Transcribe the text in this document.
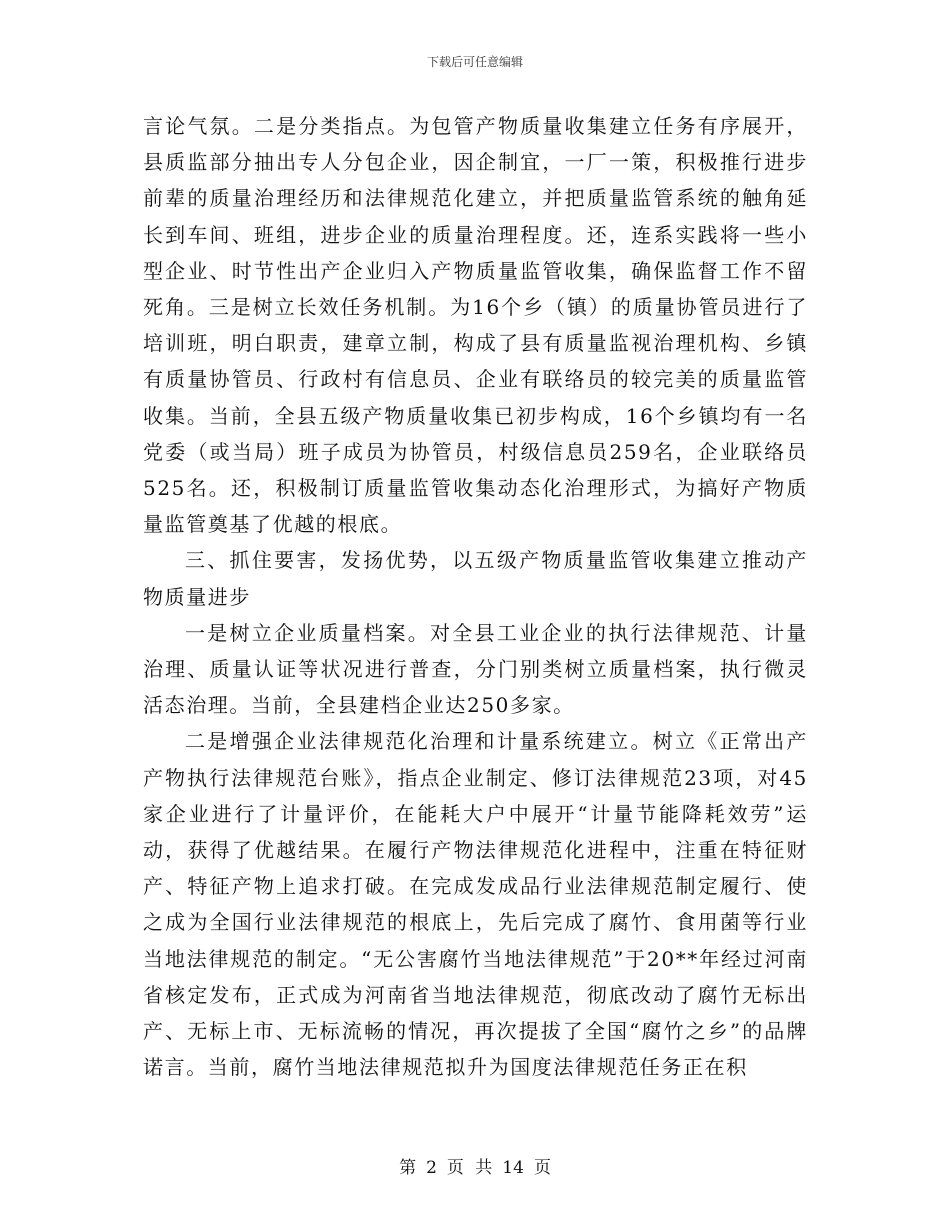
下载后可任意编辑

言论气氛。二是分类指点。为包管产物质量收集建立任务有序展开，县质监部分抽出专人分包企业，因企制宜，一厂一策，积极推行进步前辈的质量治理经历和法律规范化建立，并把质量监管系统的触角延长到车间、班组，进步企业的质量治理程度。还，连系实践将一些小型企业、时节性出产企业归入产物质量监管收集，确保监督工作不留死角。三是树立长效任务机制。为16个乡（镇）的质量协管员进行了培训班，明白职责，建章立制，构成了县有质量监视治理机构、乡镇有质量协管员、行政村有信息员、企业有联络员的较完美的质量监管收集。当前，全县五级产物质量收集已初步构成，16个乡镇均有一名党委（或当局）班子成员为协管员，村级信息员259名，企业联络员525名。还，积极制订质量监管收集动态化治理形式，为搞好产物质量监管奠基了优越的根底。

三、抓住要害，发扬优势，以五级产物质量监管收集建立推动产物质量进步

一是树立企业质量档案。对全县工业企业的执行法律规范、计量治理、质量认证等状况进行普查，分门别类树立质量档案，执行微灵活态治理。当前，全县建档企业达250多家。

二是增强企业法律规范化治理和计量系统建立。树立《正常出产产物执行法律规范台账》，指点企业制定、修订法律规范23项，对45家企业进行了计量评价，在能耗大户中展开“计量节能降耗效劳”运动，获得了优越结果。在履行产物法律规范化进程中，注重在特征财产、特征产物上追求打破。在完成发成品行业法律规范制定履行、使之成为全国行业法律规范的根底上，先后完成了腐竹、食用菌等行业当地法律规范的制定。“无公害腐竹当地法律规范”于20**年经过河南省核定发布，正式成为河南省当地法律规范，彻底改动了腐竹无标出产、无标上市、无标流畅的情况，再次提拔了全国“腐竹之乡”的品牌诺言。当前，腐竹当地法律规范拟升为国度法律规范任务正在积

第 2 页 共 14 页
